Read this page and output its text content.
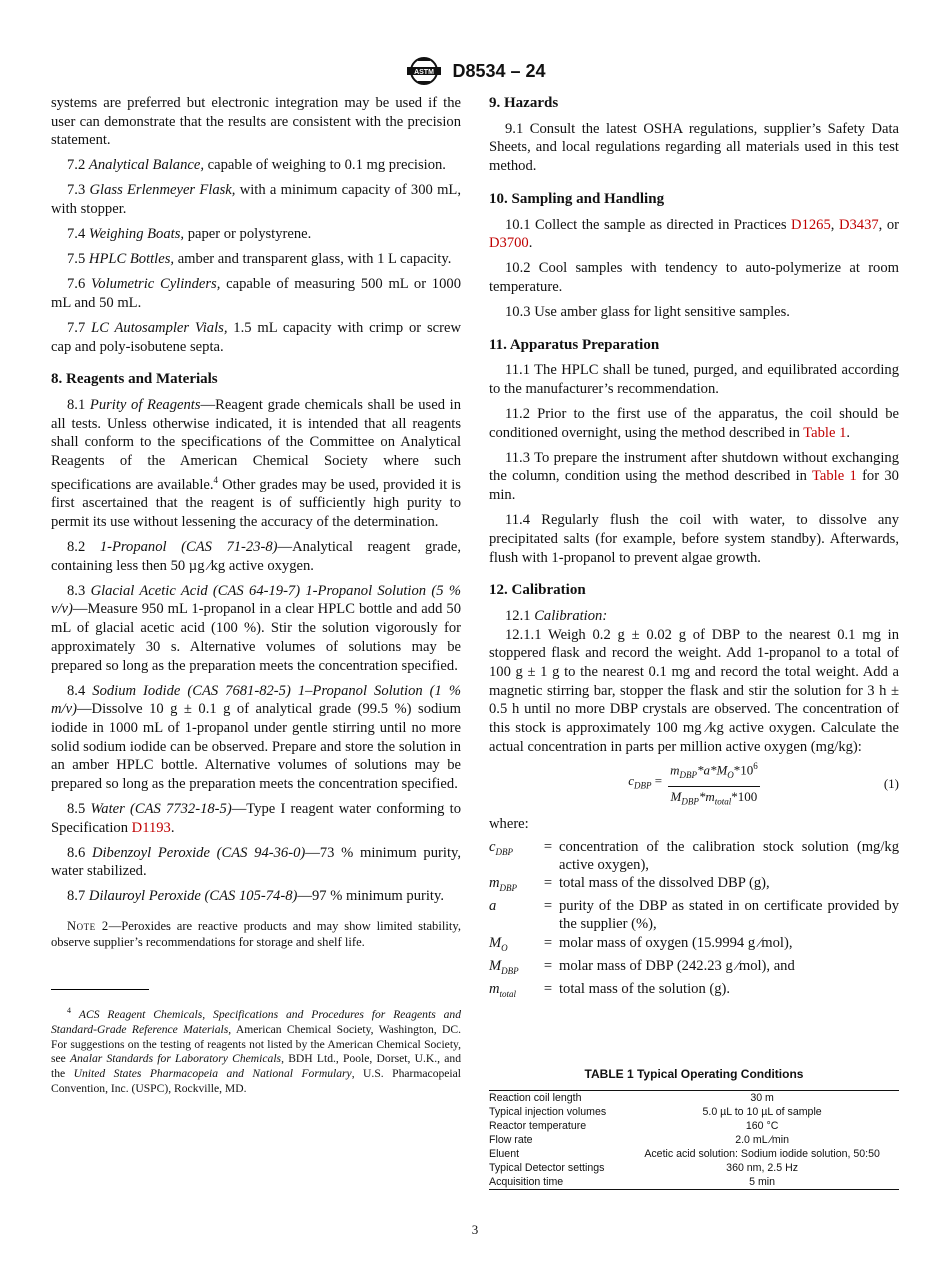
ASTM D8534 – 24

systems are preferred but electronic integration may be used if the user can demonstrate that the results are consistent with the precision statement.

7.2 Analytical Balance, capable of weighing to 0.1 mg precision.

7.3 Glass Erlenmeyer Flask, with a minimum capacity of 300 mL, with stopper.

7.4 Weighing Boats, paper or polystyrene.

7.5 HPLC Bottles, amber and transparent glass, with 1 L capacity.

7.6 Volumetric Cylinders, capable of measuring 500 mL or 1000 mL and 50 mL.

7.7 LC Autosampler Vials, 1.5 mL capacity with crimp or screw cap and poly-isobutene septa.

8. Reagents and Materials

8.1 Purity of Reagents—Reagent grade chemicals shall be used in all tests. Unless otherwise indicated, it is intended that all reagents shall conform to the specifications of the Committee on Analytical Reagents of the American Chemical Society where such specifications are available.$^4$ Other grades may be used, provided it is first ascertained that the reagent is of sufficiently high purity to permit its use without lessening the accuracy of the determination.

8.2 1-Propanol (CAS 71-23-8)—Analytical reagent grade, containing less then 50 µg ⁄kg active oxygen.

8.3 Glacial Acetic Acid (CAS 64-19-7) 1-Propanol Solution (5 % v/v)—Measure 950 mL 1-propanol in a clear HPLC bottle and add 50 mL of glacial acetic acid (100 %). Stir the solution vigorously for approximately 30 s. Alternative volumes of solutions may be prepared so long as the preparation meets the concentration specified.

8.4 Sodium Iodide (CAS 7681-82-5) 1–Propanol Solution (1 % m/v)—Dissolve 10 g ± 0.1 g of analytical grade (99.5 %) sodium iodide in 1000 mL of 1-propanol under gentle stirring until no more solid sodium iodide can be observed. Prepare and store the solution in an amber HPLC bottle. Alternative volumes of solutions may be prepared so long as the preparation meets the concentration specified.

8.5 Water (CAS 7732-18-5)—Type I reagent water conforming to Specification D1193.

8.6 Dibenzoyl Peroxide (CAS 94-36-0)—73 % minimum purity, water stabilized.

8.7 Dilauroyl Peroxide (CAS 105-74-8)—97 % minimum purity.

Note 2—Peroxides are reactive products and may show limited stability, observe supplier’s recommendations for storage and shelf life.

$^4$ ACS Reagent Chemicals, Specifications and Procedures for Reagents and Standard-Grade Reference Materials, American Chemical Society, Washington, DC. For suggestions on the testing of reagents not listed by the American Chemical Society, see Analar Standards for Laboratory Chemicals, BDH Ltd., Poole, Dorset, U.K., and the United States Pharmacopeia and National Formulary, U.S. Pharmacopeial Convention, Inc. (USPC), Rockville, MD.

9. Hazards

9.1 Consult the latest OSHA regulations, supplier’s Safety Data Sheets, and local regulations regarding all materials used in this test method.

10. Sampling and Handling

10.1 Collect the sample as directed in Practices D1265, D3437, or D3700.

10.2 Cool samples with tendency to auto-polymerize at room temperature.

10.3 Use amber glass for light sensitive samples.

11. Apparatus Preparation

11.1 The HPLC shall be tuned, purged, and equilibrated according to the manufacturer’s recommendation.

11.2 Prior to the first use of the apparatus, the coil should be conditioned overnight, using the method described in Table 1.

11.3 To prepare the instrument after shutdown without exchanging the column, condition using the method described in Table 1 for 30 min.

11.4 Regularly flush the coil with water, to dissolve any precipitated salts (for example, before system standby). Afterwards, flush with 1-propanol to prevent algae growth.

12. Calibration

12.1 Calibration:

12.1.1 Weigh 0.2 g ± 0.02 g of DBP to the nearest 0.1 mg in stoppered flask and record the weight. Add 1-propanol to a total of 100 g ± 1 g to the nearest 0.1 mg and record the total weight. Add a magnetic stirring bar, stopper the flask and stir the solution for 3 h ± 0.5 h until no more DBP crystals are observed. The concentration of this stock is approximately 100 mg ⁄kg active oxygen. Calculate the actual concentration in parts per million active oxygen (mg/kg):

$c_{DBP} = \frac{m_{DBP}*a*M_O*10^6}{M_{DBP}*m_{total}*100}$	(1)

where:

$c_{DBP}$	=	concentration of the calibration stock solution (mg/kg active oxygen),
$m_{DBP}$	=	total mass of the dissolved DBP (g),
a	=	purity of the DBP as stated in on certificate provided by the supplier (%),
$M_O$	=	molar mass of oxygen (15.9994 g ⁄mol),
$M_{DBP}$	=	molar mass of DBP (242.23 g ⁄mol), and
$m_{total}$	=	total mass of the solution (g).
TABLE 1 Typical Operating Conditions
Reaction coil length	30 m
Typical injection volumes	5.0 µL to 10 µL of sample
Reactor temperature	160 °C
Flow rate	2.0 mL ⁄min
Eluent	Acetic acid solution: Sodium iodide solution, 50:50
Typical Detector settings	360 nm, 2.5 Hz
Acquisition time	5 min
3
